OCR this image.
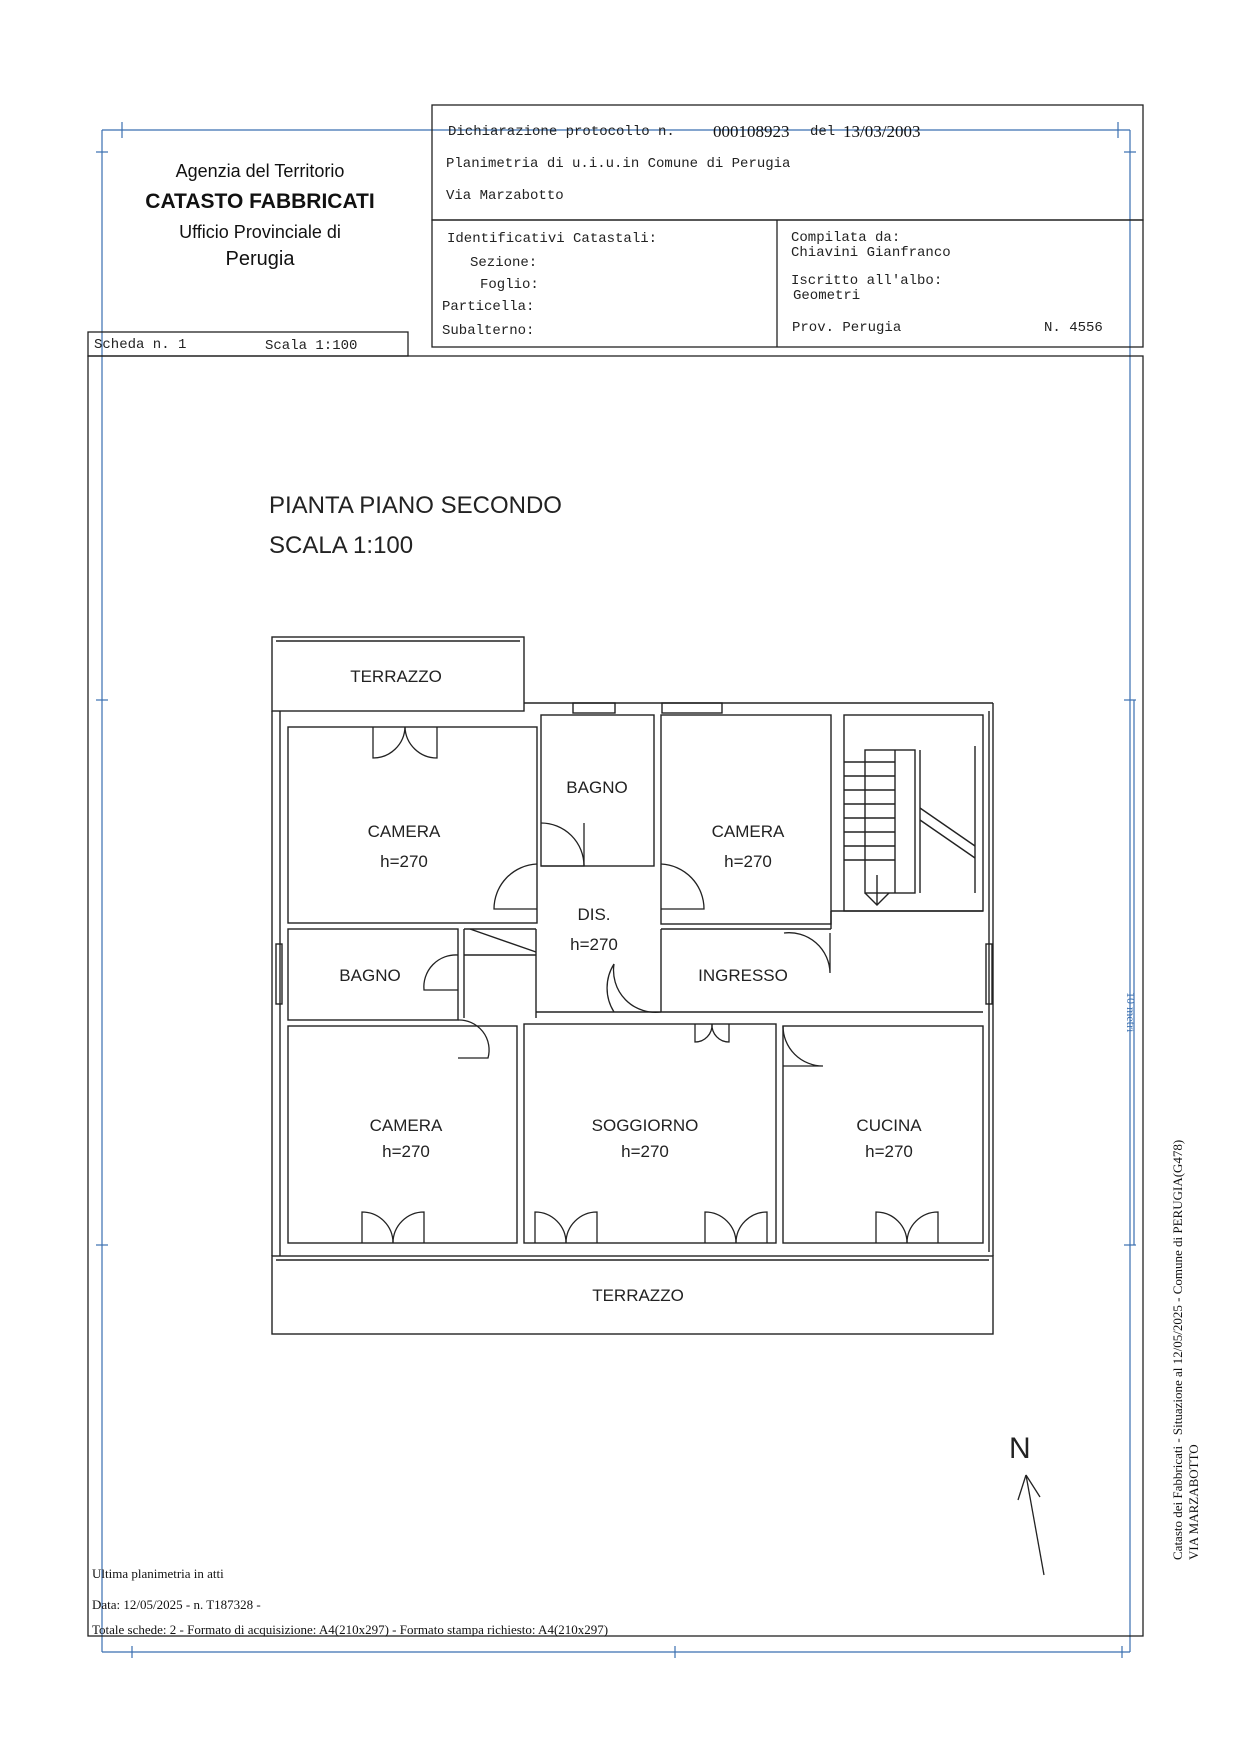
Agenzia del Territorio
CATASTO FABBRICATI
Ufficio Provinciale di
Perugia
Dichiarazione protocollo n. 000108923 del 13/03/2003
Planimetria di u.i.u.in Comune di Perugia
Via Marzabotto
Identificativi Catastali:
Sezione:
Foglio:
Particella:
Subalterno:
Compilata da:
Chiavini Gianfranco
Iscritto all'albo:
Geometri
Prov. Perugia	N. 4556
Scheda n. 1	Scala 1:100
PIANTA PIANO SECONDO
SCALA 1:100
TERRAZZO
BAGNO
CAMERA
h=270
CAMERA
h=270
DIS.
h=270
BAGNO	INGRESSO
CAMERA
h=270
SOGGIORNO
h=270
CUCINA
h=270
TERRAZZO
N
Ultima planimetria in atti
Data: 12/05/2025 - n. T187328 -
Totale schede: 2 - Formato di acquisizione: A4(210x297) - Formato stampa richiesto: A4(210x297)
Catasto dei Fabbricati - Situazione al 12/05/2025 - Comune di PERUGIA(G478) VIA MARZABOTTO
10 metri
